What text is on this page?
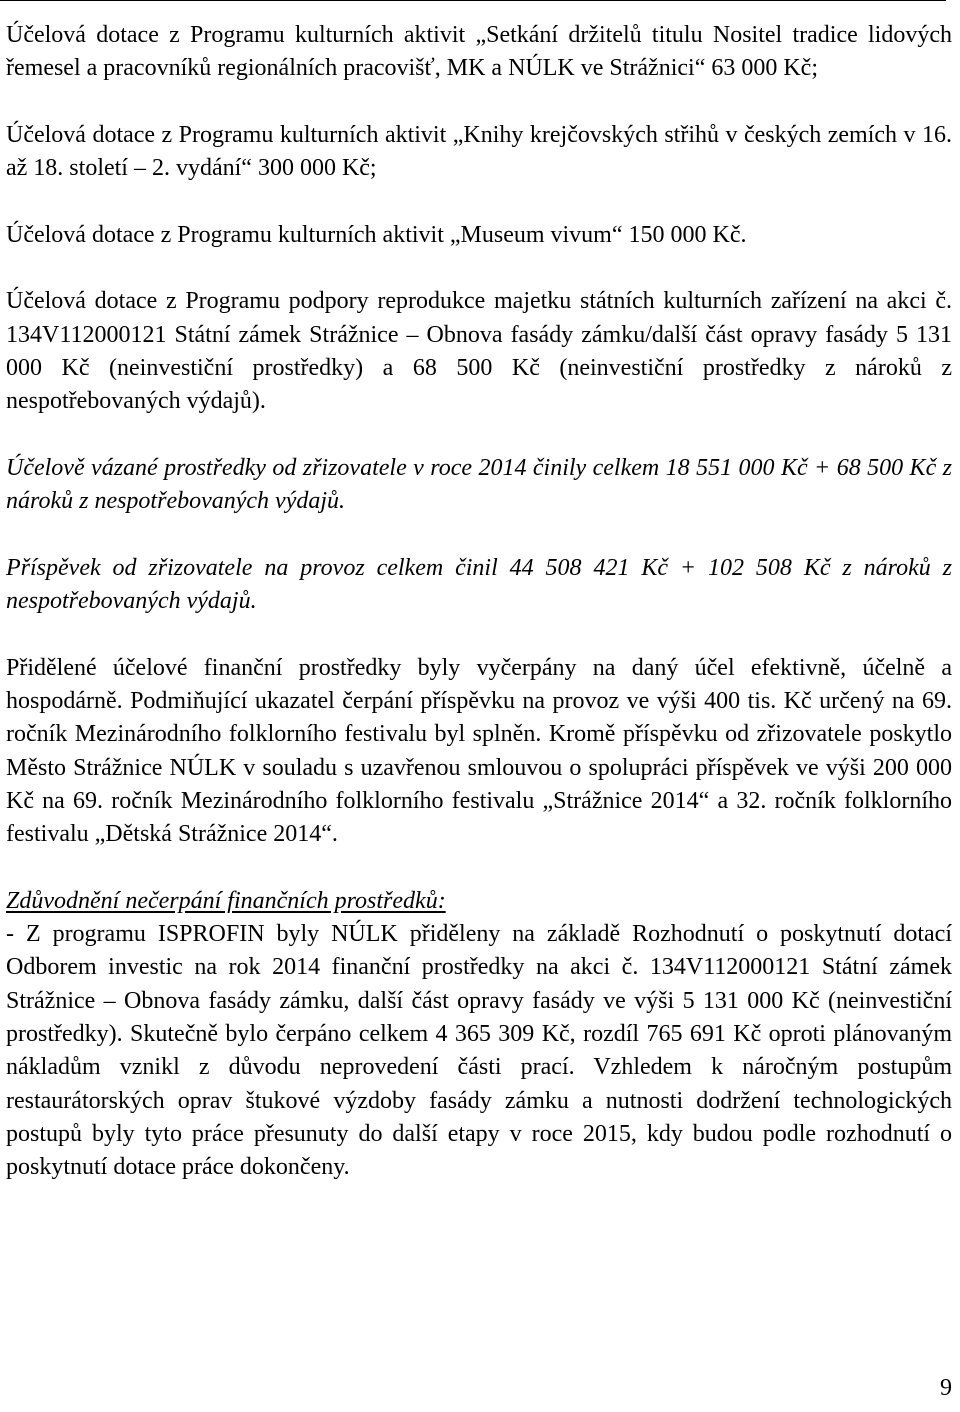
Účelová dotace z Programu kulturních aktivit „Setkání držitelů titulu Nositel tradice lidových řemesel a pracovníků regionálních pracovišť, MK a NÚLK ve Strážnici“ 63 000 Kč;

Účelová dotace z Programu kulturních aktivit „Knihy krejčovských střihů v českých zemích v 16. až 18. století – 2. vydání“ 300 000 Kč;

Účelová dotace z Programu kulturních aktivit „Museum vivum“ 150 000 Kč.

Účelová dotace z Programu podpory reprodukce majetku státních kulturních zařízení na akci č. 134V112000121 Státní zámek Strážnice – Obnova fasády zámku/další část opravy fasády 5 131 000 Kč (neinvestiční prostředky) a 68 500 Kč (neinvestiční prostředky z nároků z nespotřebovaných výdajů).

Účelově vázané prostředky od zřizovatele v roce 2014 činily celkem 18 551 000 Kč + 68 500 Kč z nároků z nespotřebovaných výdajů.

Příspěvek od zřizovatele na provoz celkem činil 44 508 421 Kč + 102 508 Kč z nároků z nespotřebovaných výdajů.

Přidělené účelové finanční prostředky byly vyčerpány na daný účel efektivně, účelně a hospodárně. Podmiňující ukazatel čerpání příspěvku na provoz ve výši 400 tis. Kč určený na 69. ročník Mezinárodního folklorního festivalu byl splněn. Kromě příspěvku od zřizovatele poskytlo Město Strážnice NÚLK v souladu s uzavřenou smlouvou o spolupráci příspěvek ve výši 200 000 Kč na 69. ročník Mezinárodního folklorního festivalu „Strážnice 2014“ a 32. ročník folklorního festivalu „Dětská Strážnice 2014“.

Zdůvodnění nečerpání finančních prostředků:

- Z programu ISPROFIN byly NÚLK přiděleny na základě Rozhodnutí o poskytnutí dotací Odborem investic na rok 2014 finanční prostředky na akci č. 134V112000121 Státní zámek Strážnice – Obnova fasády zámku, další část opravy fasády ve výši 5 131 000 Kč (neinvestiční prostředky). Skutečně bylo čerpáno celkem 4 365 309 Kč, rozdíl 765 691 Kč oproti plánovaným nákladům vznikl z důvodu neprovedení části prací. Vzhledem k náročným postupům restaurátorských oprav štukové výzdoby fasády zámku a nutnosti dodržení technologických postupů byly tyto práce přesunuty do další etapy v roce 2015, kdy budou podle rozhodnutí o poskytnutí dotace práce dokončeny.

9
